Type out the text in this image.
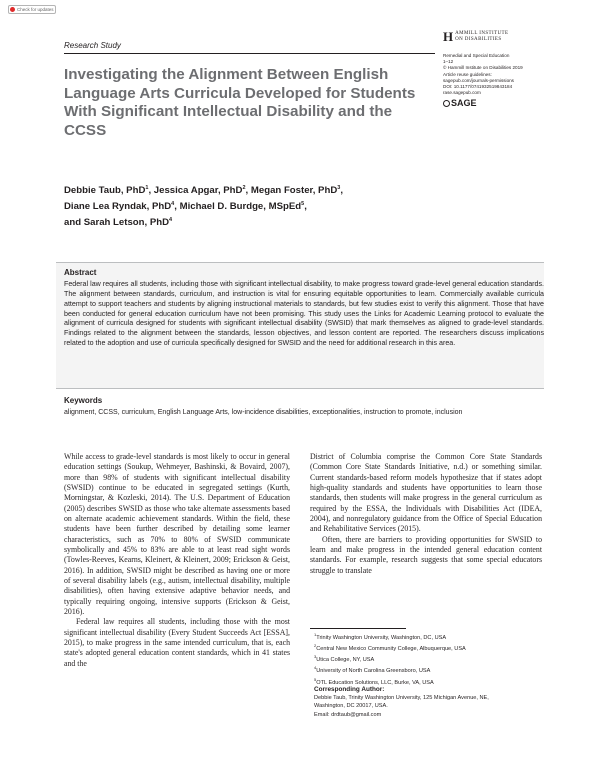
Check for updates
Research Study
H AMMILL INSTITUTE
ON DISABILITIES
Remedial and Special Education
1–12
© Hammill Institute on Disabilities 2019
Article reuse guidelines:
sagepub.com/journals-permissions
DOI: 10.1177/0741932519843184
rase.sagepub.com
SAGE
Investigating the Alignment Between English Language Arts Curricula Developed for Students With Significant Intellectual Disability and the CCSS
Debbie Taub, PhD$^1$, Jessica Apgar, PhD$^2$, Megan Foster, PhD$^3$,
Diane Lea Ryndak, PhD$^4$, Michael D. Burdge, MSpEd$^5$,
and Sarah Letson, PhD$^4$
Abstract
Federal law requires all students, including those with significant intellectual disability, to make progress toward grade-level general education standards. The alignment between standards, curriculum, and instruction is vital for ensuring equitable opportunities to learn. Commercially available curricula attempt to support teachers and students by aligning instructional materials to standards, but few studies exist to verify this alignment. Those that have been conducted for general education curriculum have not been promising. This study uses the Links for Academic Learning protocol to evaluate the alignment of curricula designed for students with significant intellectual disability (SWSID) that mark themselves as aligned to grade-level standards. Findings related to the alignment between the standards, lesson objectives, and lesson content are reported. The researchers discuss implications related to the adoption and use of curricula specifically designed for SWSID and the need for additional research in this area.
Keywords
alignment, CCSS, curriculum, English Language Arts, low-incidence disabilities, exceptionalities, instruction to promote, inclusion

While access to grade-level standards is most likely to occur in general education settings (Soukup, Wehmeyer, Bashinski, & Bovaird, 2007), more than 98% of students with significant intellectual disability (SWSID) continue to be educated in segregated settings (Kurth, Morningstar, & Kozleski, 2014). The U.S. Department of Education (2005) describes SWSID as those who take alternate assessments based on alternate academic achievement standards. Within the field, these students have been further described by detailing some learner characteristics, such as 70% to 80% of SWSID communicate symbolically and 45% to 83% are able to at least read sight words (Towles-Reeves, Kearns, Kleinert, & Kleinert, 2009; Erickson & Geist, 2016). In addition, SWSID might be described as having one or more of several disability labels (e.g., autism, intellectual disability, multiple disabilities), often having extensive adaptive behavior needs, and typically requiring ongoing, intensive supports (Erickson & Geist, 2016).

Federal law requires all students, including those with the most significant intellectual disability (Every Student Succeeds Act [ESSA], 2015), to make progress in the same intended curriculum, that is, each state's adopted general education content standards, which in 41 states and the

District of Columbia comprise the Common Core State Standards (Common Core State Standards Initiative, n.d.) or something similar. Current standards-based reform models hypothesize that if states adopt high-quality standards and students have opportunities to learn those standards, then students will make progress in the general curriculum as required by the ESSA, the Individuals with Disabilities Act (IDEA, 2004), and nonregulatory guidance from the Office of Special Education and Rehabilitative Services (2015).

Often, there are barriers to providing opportunities for SWSID to learn and make progress in the intended general education content standards. For example, research suggests that some special educators struggle to translate

$^1$Trinity Washington University, Washington, DC, USA
$^2$Central New Mexico Community College, Albuquerque, USA
$^3$Utica College, NY, USA
$^4$University of North Carolina Greensboro, USA
$^5$OTL Education Solutions, LLC, Burke, VA, USA
Corresponding Author:
Debbie Taub, Trinity Washington University, 125 Michigan Avenue, NE,
Washington, DC 20017, USA.
Email: drdtaub@gmail.com
